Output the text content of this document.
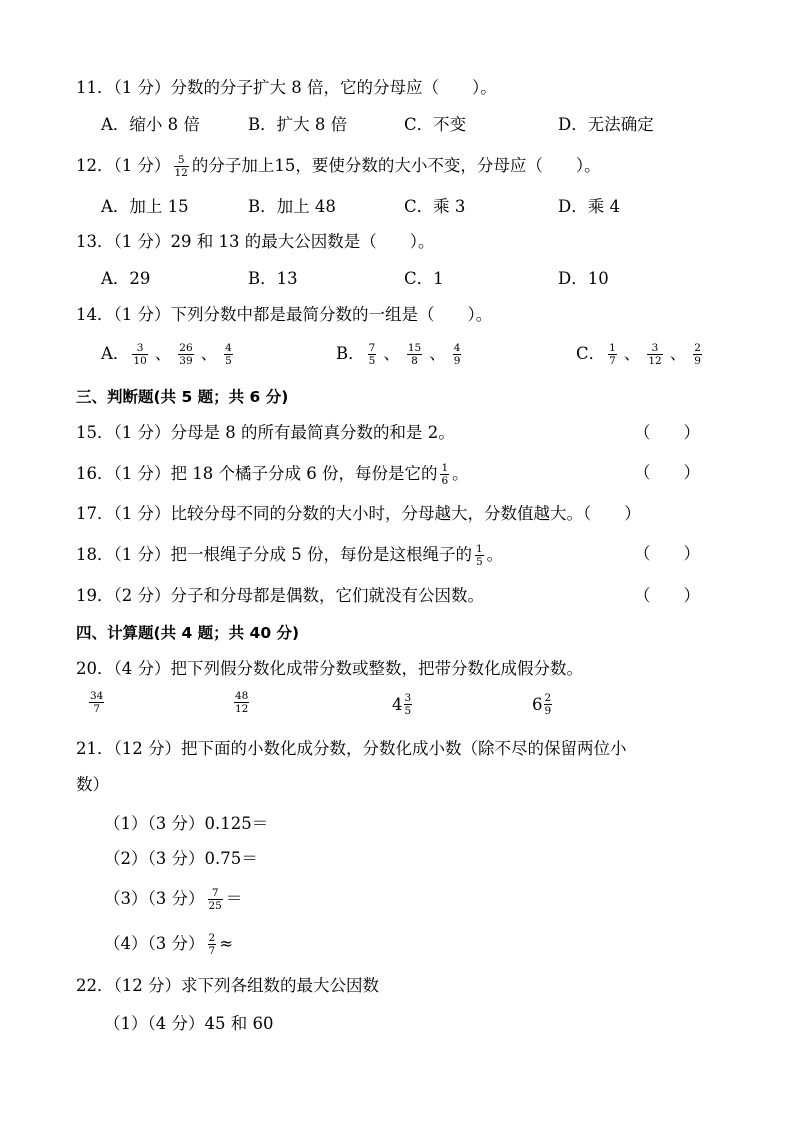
11．（1 分）分数的分子扩大 8 倍，它的分母应（　　）。
A．缩小 8 倍	B．扩大 8 倍	C．不变	D．无法确定
12．（1 分） $\frac{5}{12}$ 的分子加上15，要使分数的大小不变，分母应（　　）。
A．加上 15	B．加上 48	C．乘 3	D．乘 4
13．（1 分）29 和 13 的最大公因数是（　　）。
A．29	B．13	C．1	D．10
14．（1 分）下列分数中都是最简分数的一组是（　　）。
A． $\frac{3}{10}$ 、 $\frac{26}{39}$ 、 $\frac{4}{5}$	B． $\frac{7}{5}$ 、 $\frac{15}{8}$ 、 $\frac{4}{9}$	C． $\frac{1}{7}$ 、 $\frac{3}{12}$ 、 $\frac{2}{9}$
三、判断题(共 5 题；共 6 分)
15．（1 分）分母是 8 的所有最简真分数的和是 2。	（　　）
16．（1 分）把 18 个橘子分成 6 份，每份是它的 $\frac{1}{6}$ 。	（　　）
17．（1 分）比较分母不同的分数的大小时，分母越大，分数值越大。（　　）
18．（1 分）把一根绳子分成 5 份，每份是这根绳子的 $\frac{1}{5}$ 。	（　　）
19．（2 分）分子和分母都是偶数，它们就没有公因数。	（　　）
四、计算题(共 4 题；共 40 分)
20．（4 分）把下列假分数化成带分数或整数，把带分数化成假分数。
$\frac{34}{7}$	$\frac{48}{12}$	$4 \frac{3}{5}$	$6 \frac{2}{9}$
21．（12 分）把下面的小数化成分数，分数化成小数（除不尽的保留两位小
数）
（1）（3 分）0.125＝
（2）（3 分）0.75＝
（3）（3 分） $\frac{7}{25}$ ＝
（4）（3 分） $\frac{2}{7}$ ≈
22．（12 分）求下列各组数的最大公因数
（1）（4 分）45 和 60
